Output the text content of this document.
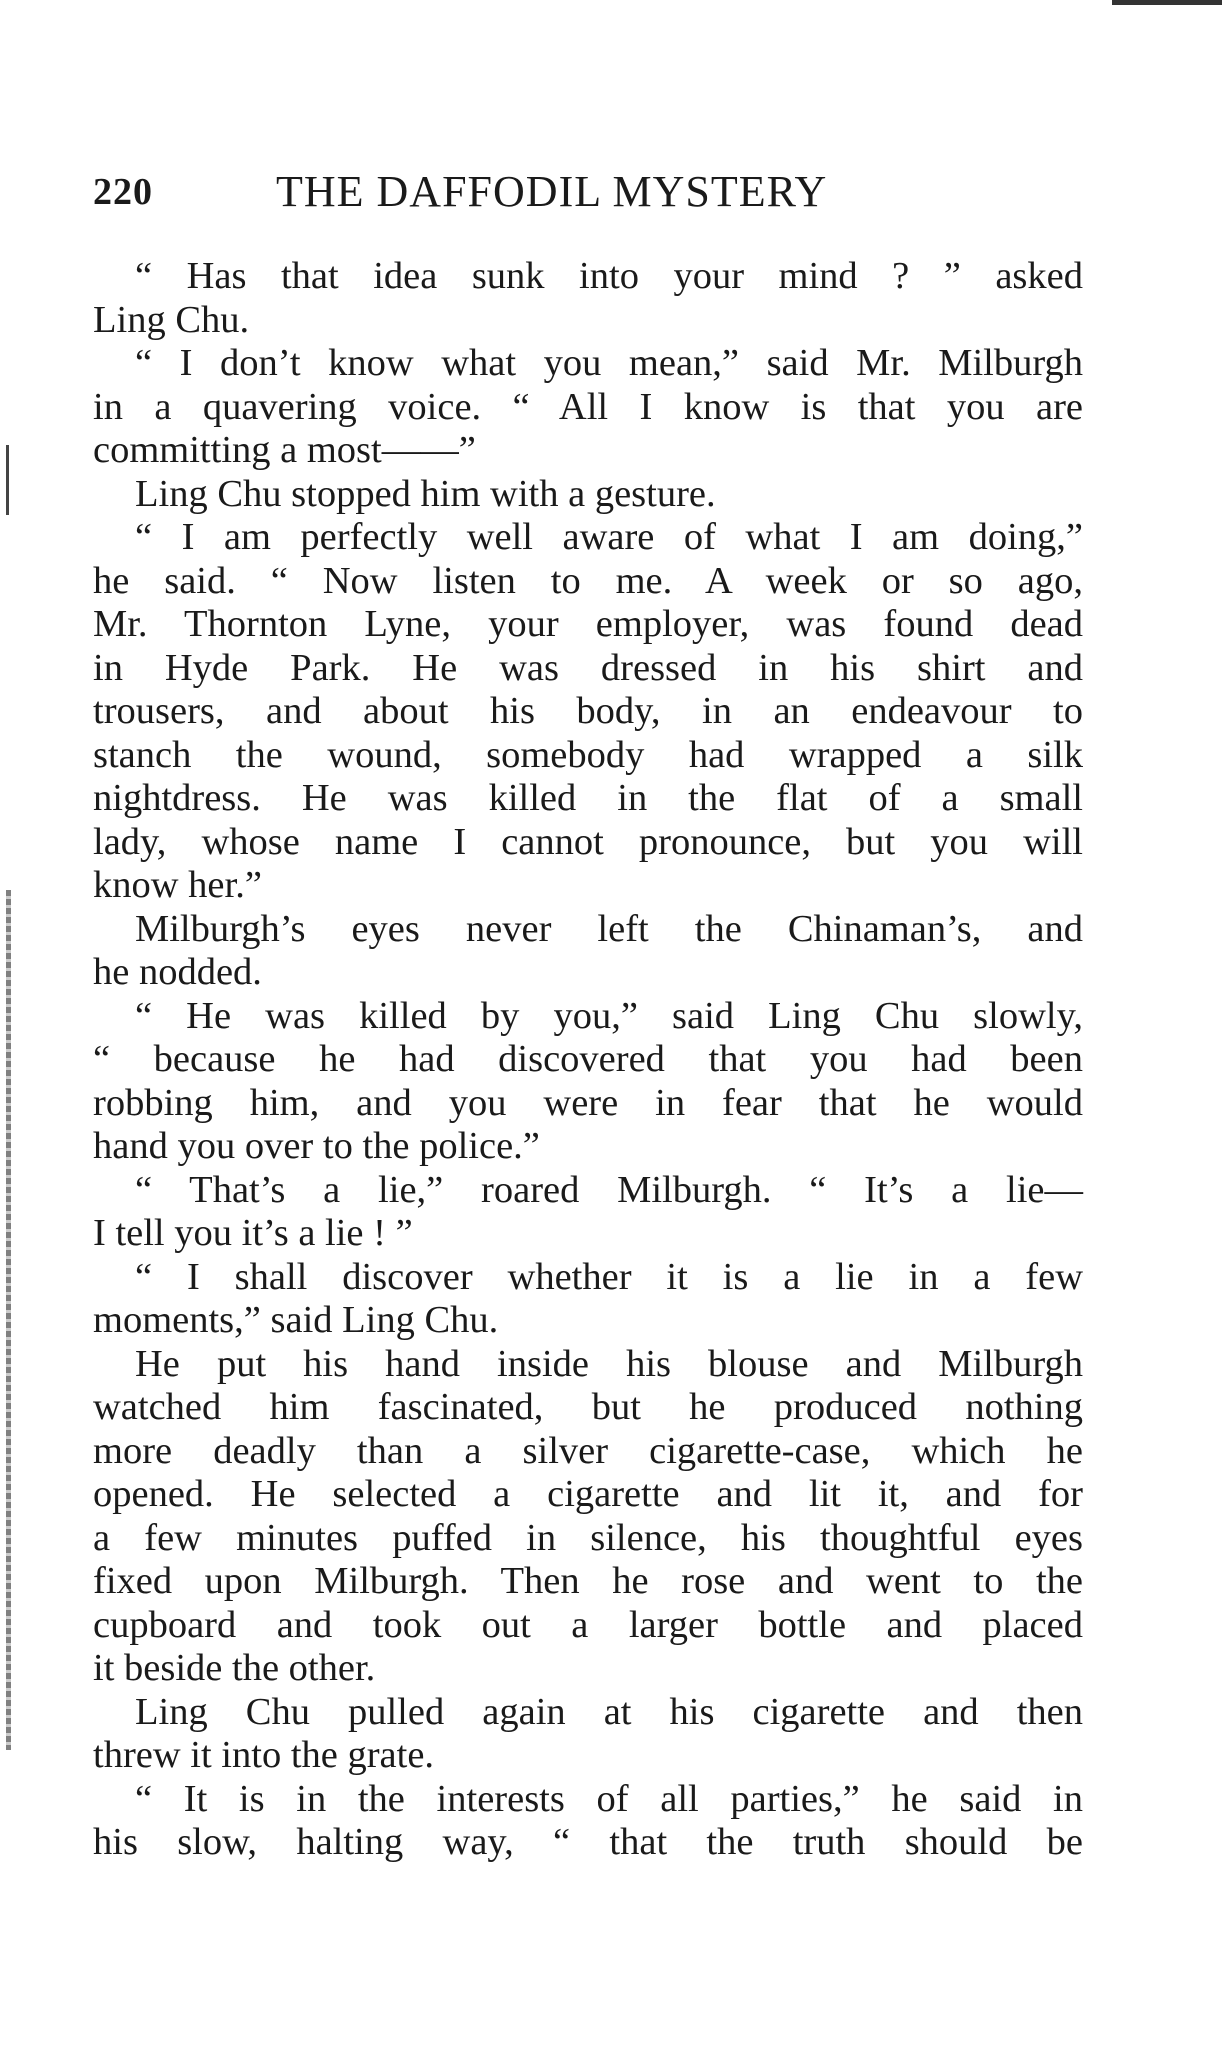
220	THE DAFFODIL MYSTERY
“ Has that idea sunk into your mind ? ” asked
Ling Chu.
“ I don’t know what you mean,” said Mr. Milburgh
in a quavering voice. “ All I know is that you are
committing a most——”
Ling Chu stopped him with a gesture.
“ I am perfectly well aware of what I am doing,”
he said. “ Now listen to me. A week or so ago,
Mr. Thornton Lyne, your employer, was found dead
in Hyde Park. He was dressed in his shirt and
trousers, and about his body, in an endeavour to
stanch the wound, somebody had wrapped a silk
nightdress. He was killed in the flat of a small
lady, whose name I cannot pronounce, but you will
know her.”
Milburgh’s eyes never left the Chinaman’s, and
he nodded.
“ He was killed by you,” said Ling Chu slowly,
“ because he had discovered that you had been
robbing him, and you were in fear that he would
hand you over to the police.”
“ That’s a lie,” roared Milburgh. “ It’s a lie—
I tell you it’s a lie ! ”
“ I shall discover whether it is a lie in a few
moments,” said Ling Chu.
He put his hand inside his blouse and Milburgh
watched him fascinated, but he produced nothing
more deadly than a silver cigarette-case, which he
opened. He selected a cigarette and lit it, and for
a few minutes puffed in silence, his thoughtful eyes
fixed upon Milburgh. Then he rose and went to the
cupboard and took out a larger bottle and placed
it beside the other.
Ling Chu pulled again at his cigarette and then
threw it into the grate.
“ It is in the interests of all parties,” he said in
his slow, halting way, “ that the truth should be
